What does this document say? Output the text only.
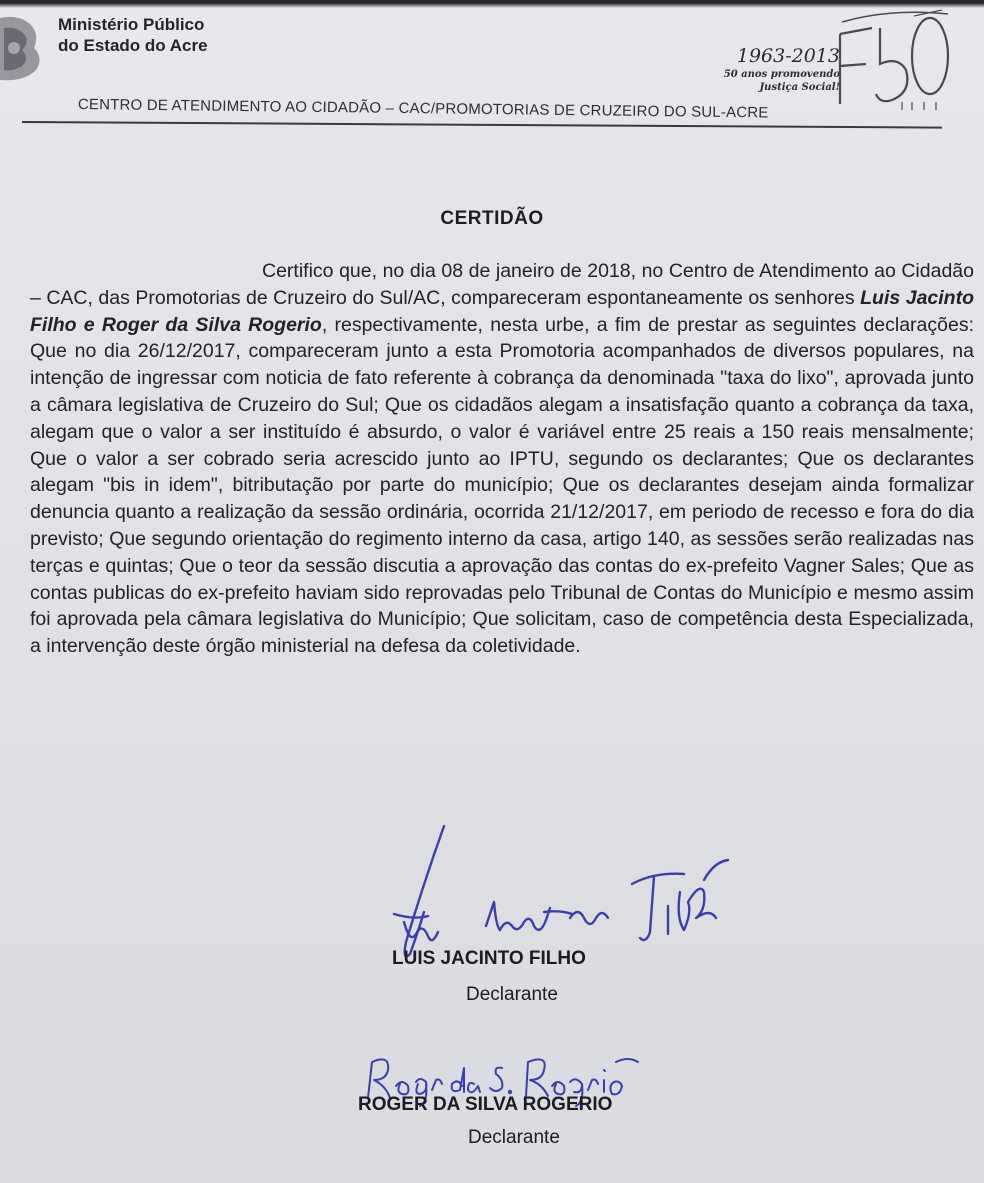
Ministério Público
do Estado do Acre	1963-2013
50 anos promovendo
Justiça Social!
CENTRO DE ATENDIMENTO AO CIDADÃO – CAC/PROMOTORIAS DE CRUZEIRO DO SUL-ACRE
CERTIDÃO
Certifico que, no dia 08 de janeiro de 2018, no Centro de Atendimento ao Cidadão – CAC, das Promotorias de Cruzeiro do Sul/AC, compareceram espontaneamente os senhores Luis Jacinto Filho e Roger da Silva Rogerio, respectivamente, nesta urbe, a fim de prestar as seguintes declarações: Que no dia 26/12/2017, compareceram junto a esta Promotoria acompanhados de diversos populares, na intenção de ingressar com noticia de fato referente à cobrança da denominada "taxa do lixo", aprovada junto a câmara legislativa de Cruzeiro do Sul; Que os cidadãos alegam a insatisfação quanto a cobrança da taxa, alegam que o valor a ser instituído é absurdo, o valor é variável entre 25 reais a 150 reais mensalmente; Que o valor a ser cobrado seria acrescido junto ao IPTU, segundo os declarantes; Que os declarantes alegam "bis in idem", bitributação por parte do município; Que os declarantes desejam ainda formalizar denuncia quanto a realização da sessão ordinária, ocorrida 21/12/2017, em periodo de recesso e fora do dia previsto; Que segundo orientação do regimento interno da casa, artigo 140, as sessões serão realizadas nas terças e quintas; Que o teor da sessão discutia a aprovação das contas do ex-prefeito Vagner Sales; Que as contas publicas do ex-prefeito haviam sido reprovadas pelo Tribunal de Contas do Município e mesmo assim foi aprovada pela câmara legislativa do Município; Que solicitam, caso de competência desta Especializada, a intervenção deste órgão ministerial na defesa da coletividade.
LUIS JACINTO FILHO
Declarante
ROGER DA SILVA ROGERIO
Declarante
